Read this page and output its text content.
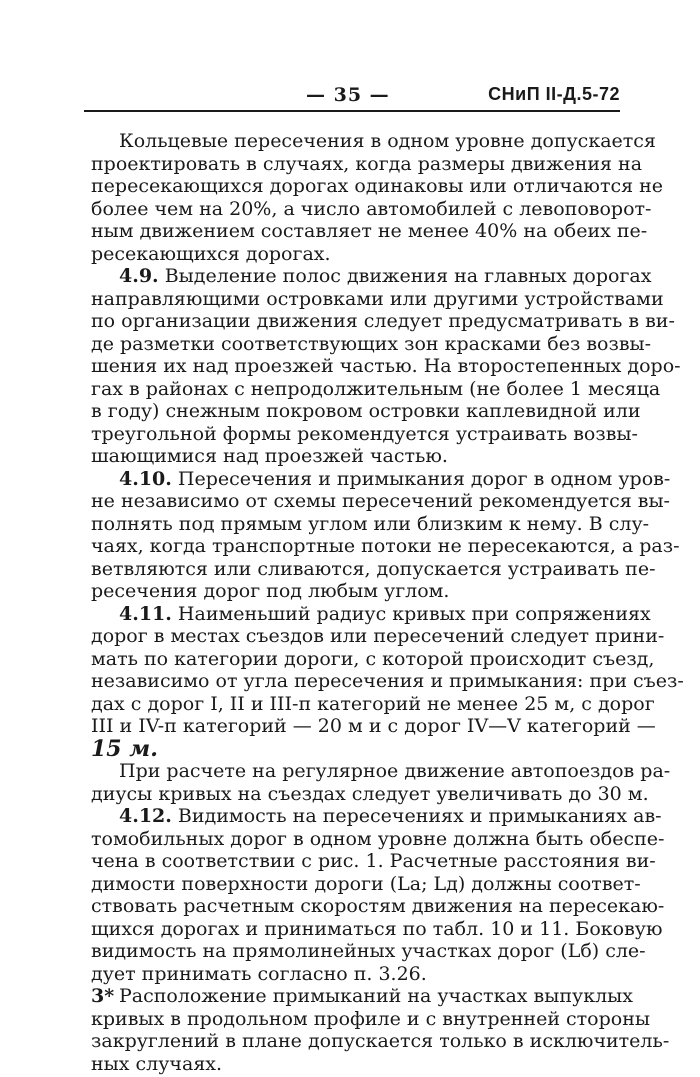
— 35 —	СНиП II-Д.5-72
Кольцевые пересечения в одном уровне допускается
проектировать в случаях, когда размеры движения на
пересекающихся дорогах одинаковы или отличаются не
более чем на 20%, а число автомобилей с левоповорот-
ным движением составляет не менее 40% на обеих пе-
ресекающихся дорогах.
4.9. Выделение полос движения на главных дорогах
направляющими островками или другими устройствами
по организации движения следует предусматривать в ви-
де разметки соответствующих зон красками без возвы-
шения их над проезжей частью. На второстепенных доро-
гах в районах с непродолжительным (не более 1 месяца
в году) снежным покровом островки каплевидной или
треугольной формы рекомендуется устраивать возвы-
шающимися над проезжей частью.
4.10. Пересечения и примыкания дорог в одном уров-
не независимо от схемы пересечений рекомендуется вы-
полнять под прямым углом или близким к нему. В слу-
чаях, когда транспортные потоки не пересекаются, а раз-
ветвляются или сливаются, допускается устраивать пе-
ресечения дорог под любым углом.
4.11. Наименьший радиус кривых при сопряжениях
дорог в местах съездов или пересечений следует прини-
мать по категории дороги, с которой происходит съезд,
независимо от угла пересечения и примыкания: при съез-
дах с дорог I, II и III-п категорий не менее 25 м, с дорог
III и IV-п категорий — 20 м и с дорог IV—V категорий —
15 м.
При расчете на регулярное движение автопоездов ра-
диусы кривых на съездах следует увеличивать до 30 м.
4.12. Видимость на пересечениях и примыканиях ав-
томобильных дорог в одном уровне должна быть обеспе-
чена в соответствии с рис. 1. Расчетные расстояния ви-
димости поверхности дороги (Lа; Lд) должны соответ-
ствовать расчетным скоростям движения на пересекаю-
щихся дорогах и приниматься по табл. 10 и 11. Боковую
видимость на прямолинейных участках дорог (Lб) сле-
дует принимать согласно п. 3.26.
Расположение примыканий на участках выпуклых
кривых в продольном профиле и с внутренней стороны
закруглений в плане допускается только в исключитель-
ных случаях.
3*
